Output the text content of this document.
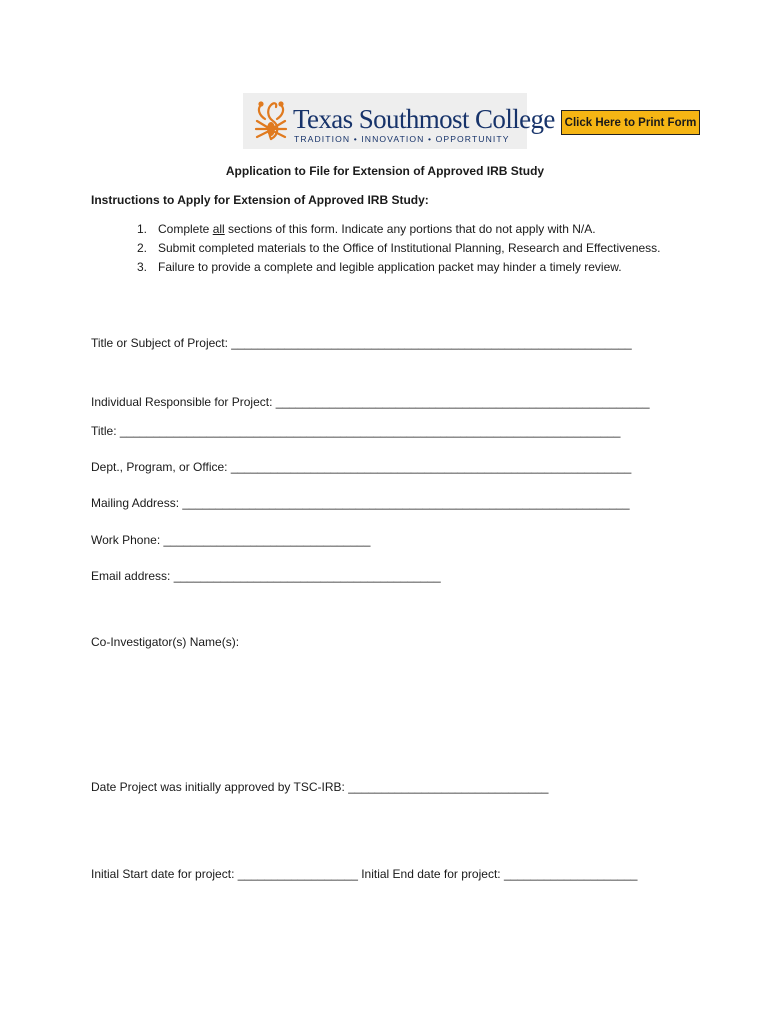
Texas Southmost College
TRADITION • INNOVATION • OPPORTUNITY
Click Here to Print Form
Application to File for Extension of Approved IRB Study
Instructions to Apply for Extension of Approved IRB Study:
1. Complete all sections of this form. Indicate any portions that do not apply with N/A.
2. Submit completed materials to the Office of Institutional Planning, Research and Effectiveness.
3. Failure to provide a complete and legible application packet may hinder a timely review.
Title or Subject of Project: ____________________________________________________________
Individual Responsible for Project: ________________________________________________________
Title: ___________________________________________________________________________
Dept., Program, or Office: ____________________________________________________________
Mailing Address: ___________________________________________________________________
Work Phone: _______________________________
Email address: ________________________________________
Co-Investigator(s) Name(s):
Date Project was initially approved by TSC-IRB: ______________________________
Initial Start date for project: __________________ Initial End date for project: ____________________
